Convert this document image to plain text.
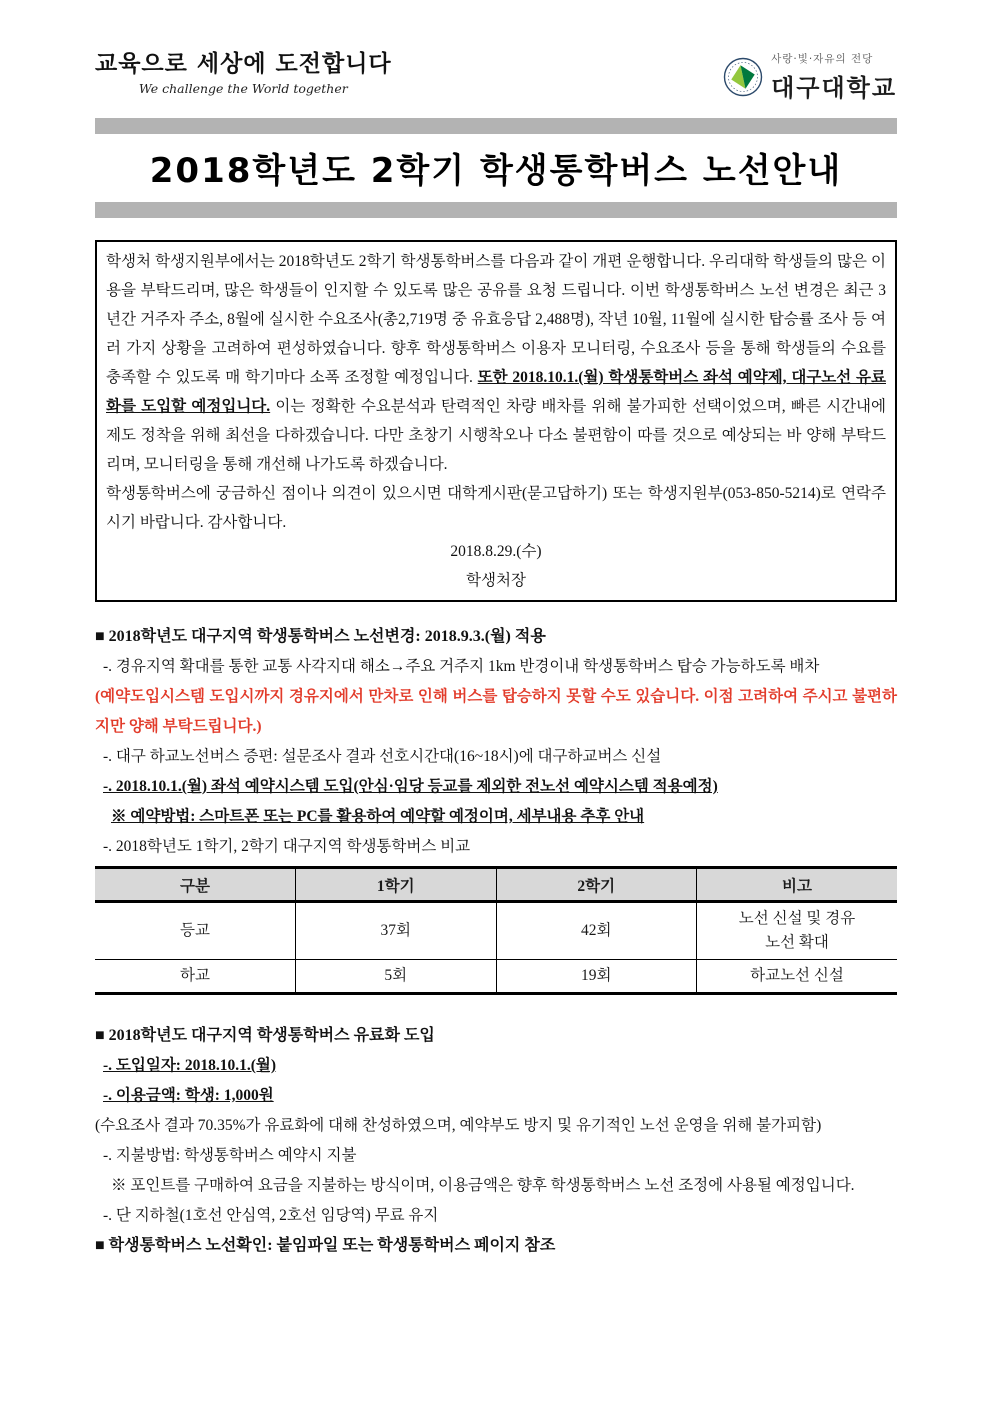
교육으로 세상에 도전합니다
We challenge the World together
사랑·빛·자유의 전당
대구대학교
2018학년도 2학기 학생통학버스 노선안내

학생처 학생지원부에서는 2018학년도 2학기 학생통학버스를 다음과 같이 개편 운행합니다. 우리대학 학생들의 많은 이용을 부탁드리며, 많은 학생들이 인지할 수 있도록 많은 공유를 요청 드립니다. 이번 학생통학버스 노선 변경은 최근 3년간 거주자 주소, 8월에 실시한 수요조사(총2,719명 중 유효응답 2,488명), 작년 10월, 11월에 실시한 탑승률 조사 등 여러 가지 상황을 고려하여 편성하였습니다. 향후 학생통학버스 이용자 모니터링, 수요조사 등을 통해 학생들의 수요를 충족할 수 있도록 매 학기마다 소폭 조정할 예정입니다. 또한 2018.10.1.(월) 학생통학버스 좌석 예약제, 대구노선 유료화를 도입할 예정입니다. 이는 정확한 수요분석과 탄력적인 차량 배차를 위해 불가피한 선택이었으며, 빠른 시간내에 제도 정착을 위해 최선을 다하겠습니다. 다만 초창기 시행착오나 다소 불편함이 따를 것으로 예상되는 바 양해 부탁드리며, 모니터링을 통해 개선해 나가도록 하겠습니다.

학생통학버스에 궁금하신 점이나 의견이 있으시면 대학게시판(묻고답하기) 또는 학생지원부(053-850-5214)로 연락주시기 바랍니다. 감사합니다.

2018.8.29.(수)
학생처장
■ 2018학년도 대구지역 학생통학버스 노선변경: 2018.9.3.(월) 적용
-. 경유지역 확대를 통한 교통 사각지대 해소→주요 거주지 1km 반경이내 학생통학버스 탑승 가능하도록 배차
(예약도입시스템 도입시까지 경유지에서 만차로 인해 버스를 탑승하지 못할 수도 있습니다. 이점 고려하여 주시고 불편하지만 양해 부탁드립니다.)
-. 대구 하교노선버스 증편: 설문조사 결과 선호시간대(16~18시)에 대구하교버스 신설
-. 2018.10.1.(월) 좌석 예약시스템 도입(안심·임당 등교를 제외한 전노선 예약시스템 적용예정)
※ 예약방법: 스마트폰 또는 PC를 활용하여 예약할 예정이며, 세부내용 추후 안내
-. 2018학년도 1학기, 2학기 대구지역 학생통학버스 비교
구분	1학기	2학기	비고
등교	37회	42회	노선 신설 및 경유
노선 확대

하교	5회	19회	하교노선 신설
■ 2018학년도 대구지역 학생통학버스 유료화 도입
-. 도입일자: 2018.10.1.(월)
-. 이용금액: 학생: 1,000원
(수요조사 결과 70.35%가 유료화에 대해 찬성하였으며, 예약부도 방지 및 유기적인 노선 운영을 위해 불가피함)
-. 지불방법: 학생통학버스 예약시 지불
※ 포인트를 구매하여 요금을 지불하는 방식이며, 이용금액은 향후 학생통학버스 노선 조정에 사용될 예정입니다.
-. 단 지하철(1호선 안심역, 2호선 임당역) 무료 유지
■ 학생통학버스 노선확인: 붙임파일 또는 학생통학버스 페이지 참조
